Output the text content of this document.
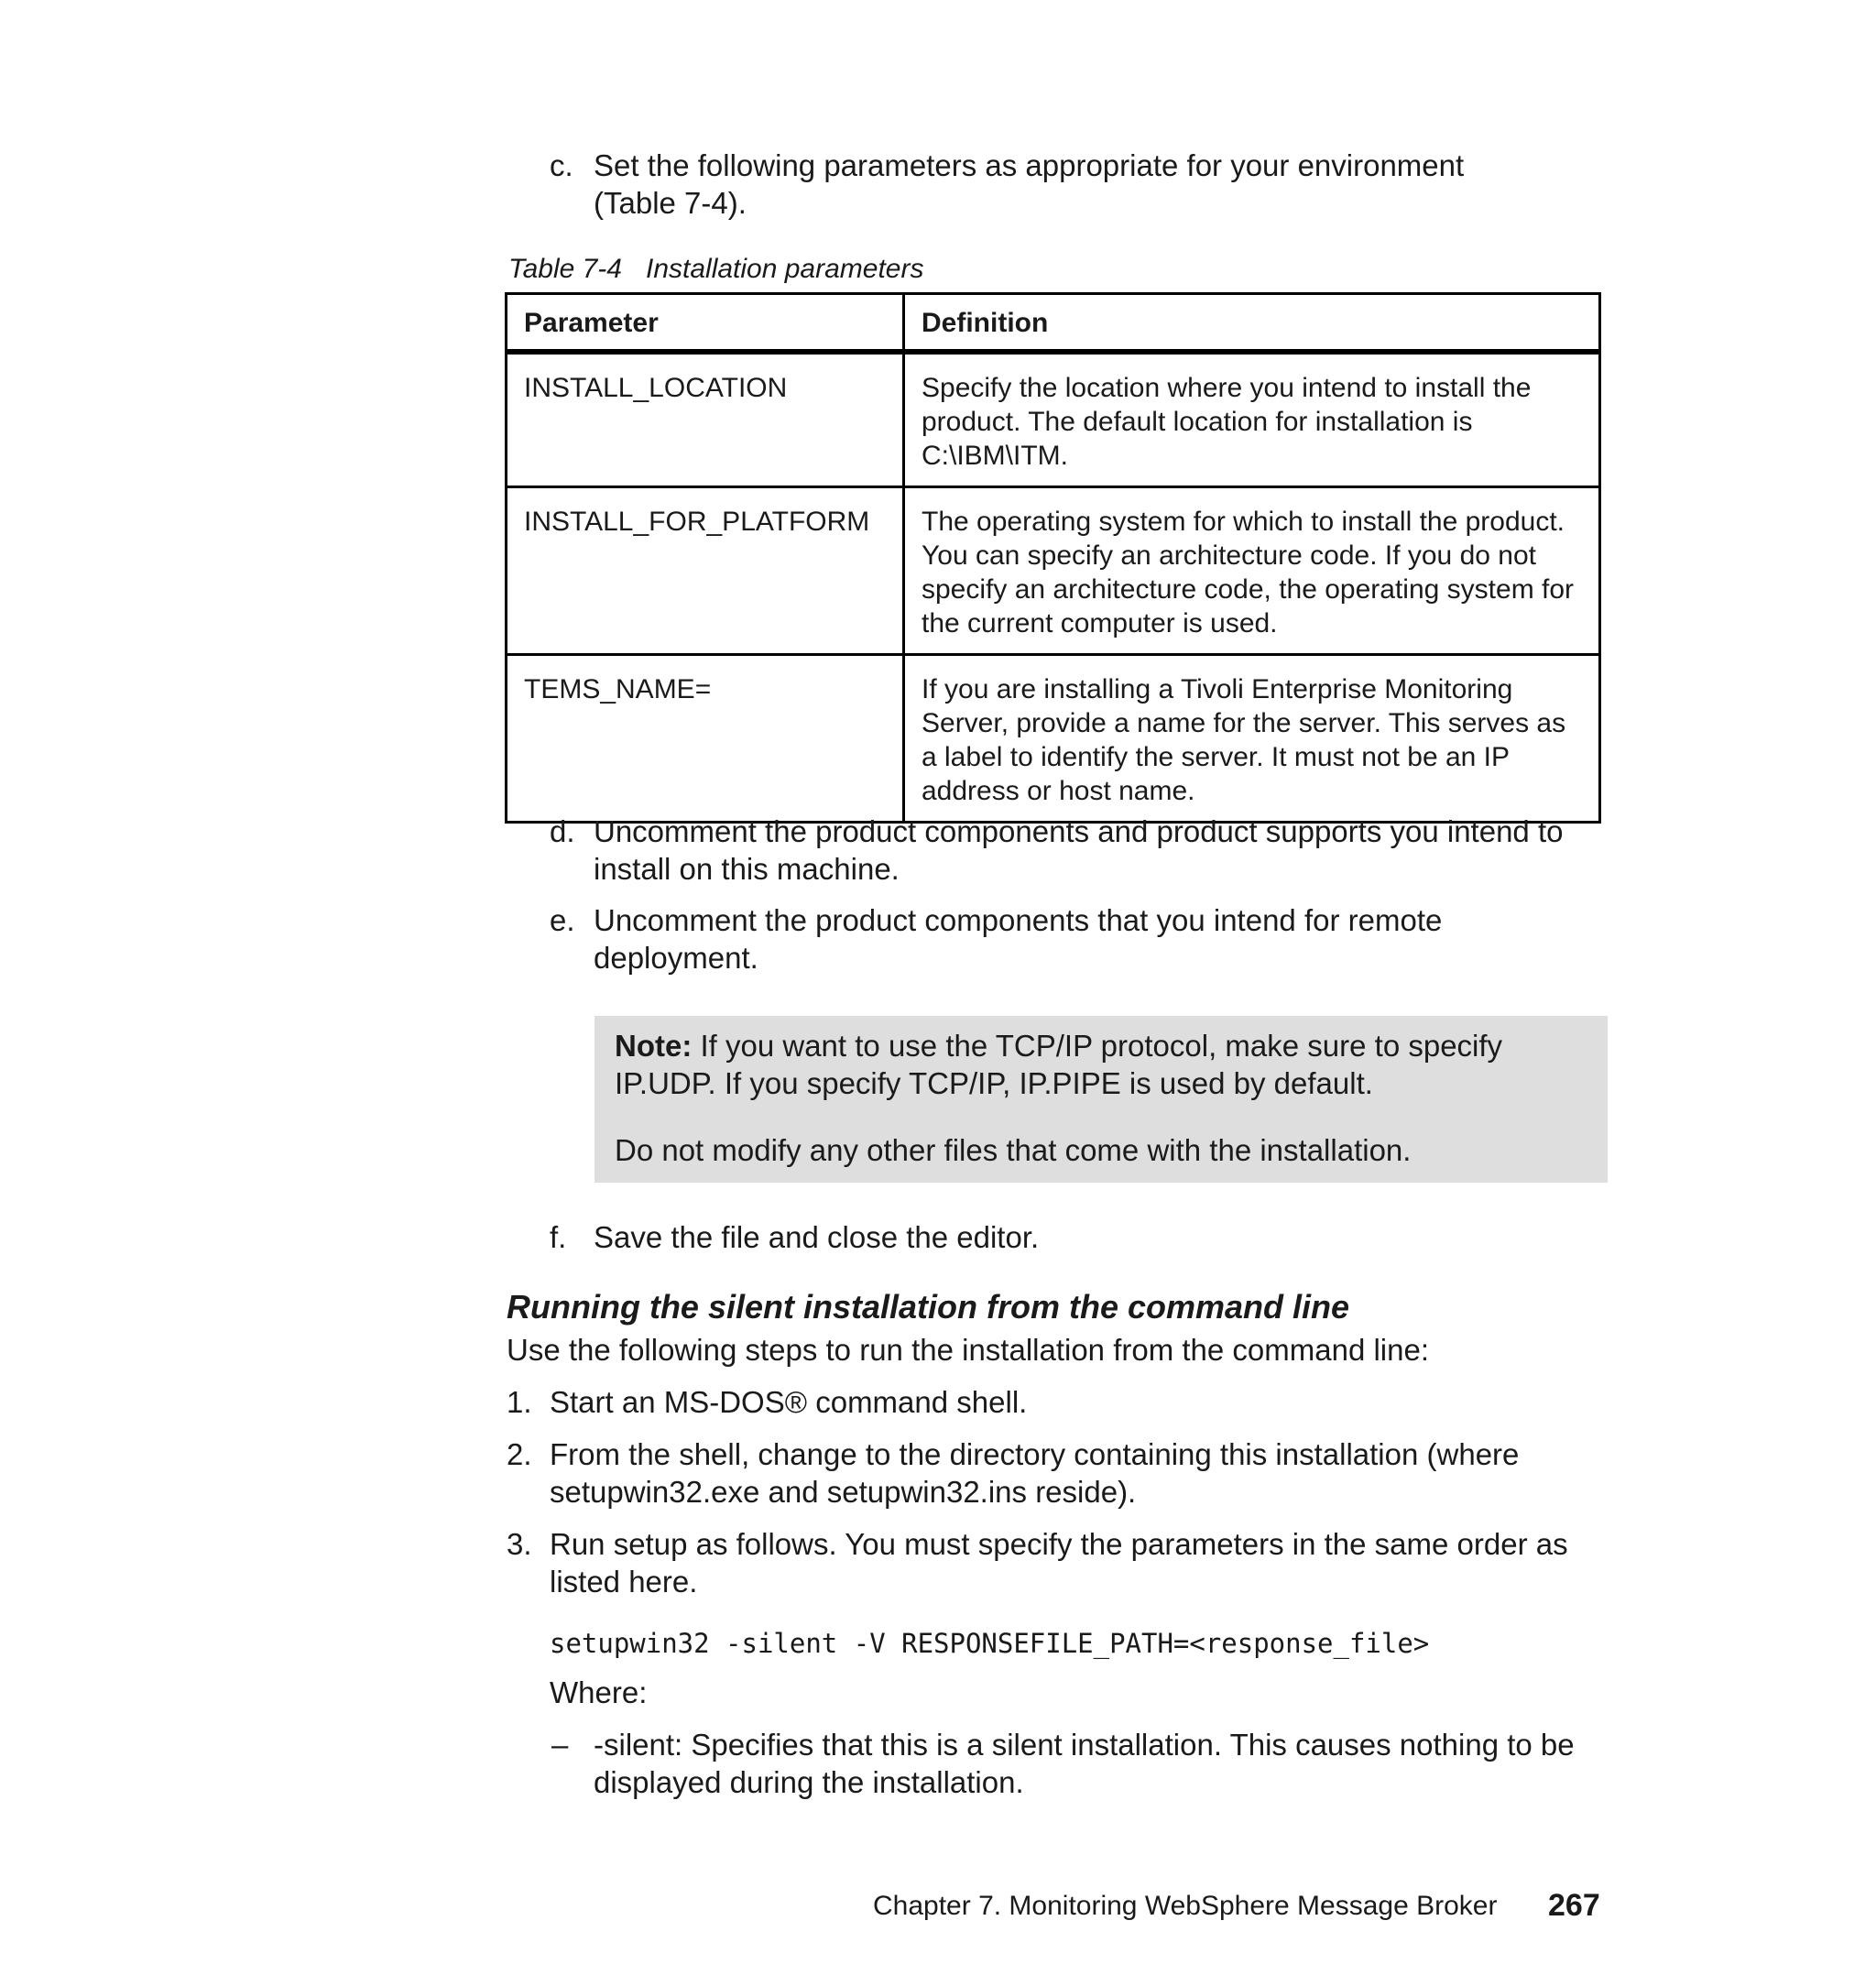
c. Set the following parameters as appropriate for your environment
(Table 7-4).
Table 7-4 Installation parameters
Parameter	Definition
INSTALL_LOCATION	Specify the location where you intend to install the
product. The default location for installation is
C:\IBM\ITM.

INSTALL_FOR_PLATFORM	The operating system for which to install the product.
You can specify an architecture code. If you do not
specify an architecture code, the operating system for
the current computer is used.

TEMS_NAME=	If you are installing a Tivoli Enterprise Monitoring
Server, provide a name for the server. This serves as
a label to identify the server. It must not be an IP
address or host name.
d. Uncomment the product components and product supports you intend to
install on this machine.
e. Uncomment the product components that you intend for remote
deployment.

Note: If you want to use the TCP/IP protocol, make sure to specify

IP.UDP. If you specify TCP/IP, IP.PIPE is used by default.

Do not modify any other files that come with the installation.

f. Save the file and close the editor.
Running the silent installation from the command line
Use the following steps to run the installation from the command line:
1. Start an MS-DOS® command shell.
2. From the shell, change to the directory containing this installation (where
setupwin32.exe and setupwin32.ins reside).
3. Run setup as follows. You must specify the parameters in the same order as
listed here.
setupwin32 -silent -V RESPONSEFILE_PATH=<response_file>
Where:
– -silent: Specifies that this is a silent installation. This causes nothing to be
displayed during the installation.
Chapter 7. Monitoring WebSphere Message Broker 267
